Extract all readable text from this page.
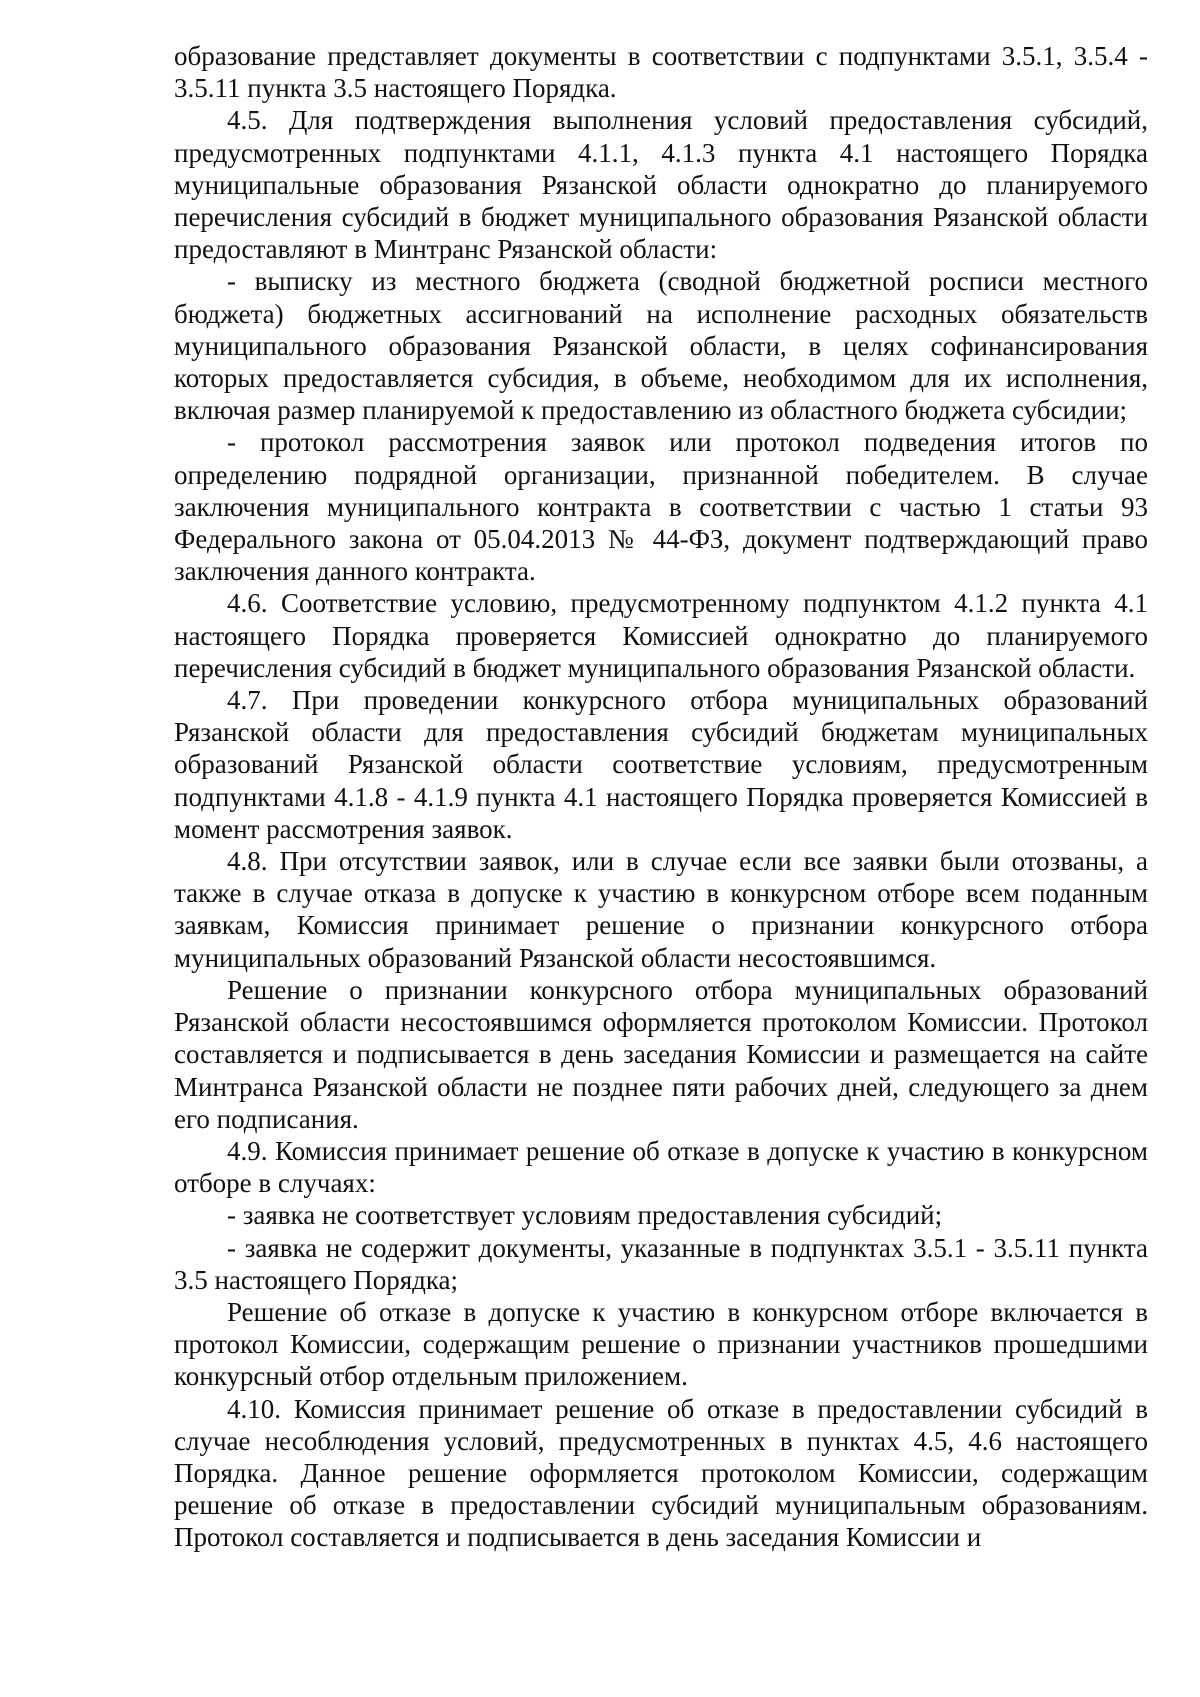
образование представляет документы в соответствии с подпунктами 3.5.1, 3.5.4 - 3.5.11 пункта 3.5 настоящего Порядка.

4.5. Для подтверждения выполнения условий предоставления субсидий, предусмотренных подпунктами 4.1.1, 4.1.3 пункта 4.1 настоящего Порядка муниципальные образования Рязанской области однократно до планируемого перечисления субсидий в бюджет муниципального образования Рязанской области предоставляют в Минтранс Рязанской области:

- выписку из местного бюджета (сводной бюджетной росписи местного бюджета) бюджетных ассигнований на исполнение расходных обязательств муниципального образования Рязанской области, в целях софинансирования которых предоставляется субсидия, в объеме, необходимом для их исполнения, включая размер планируемой к предоставлению из областного бюджета субсидии;

- протокол рассмотрения заявок или протокол подведения итогов по определению подрядной организации, признанной победителем. В случае заключения муниципального контракта в соответствии с частью 1 статьи 93 Федерального закона от 05.04.2013 № 44-ФЗ, документ подтверждающий право заключения данного контракта.

4.6. Соответствие условию, предусмотренному подпунктом 4.1.2 пункта 4.1 настоящего Порядка проверяется Комиссией однократно до планируемого перечисления субсидий в бюджет муниципального образования Рязанской области.

4.7. При проведении конкурсного отбора муниципальных образований Рязанской области для предоставления субсидий бюджетам муниципальных образований Рязанской области соответствие условиям, предусмотренным подпунктами 4.1.8 - 4.1.9 пункта 4.1 настоящего Порядка проверяется Комиссией в момент рассмотрения заявок.

4.8. При отсутствии заявок, или в случае если все заявки были отозваны, а также в случае отказа в допуске к участию в конкурсном отборе всем поданным заявкам, Комиссия принимает решение о признании конкурсного отбора муниципальных образований Рязанской области несостоявшимся.

Решение о признании конкурсного отбора муниципальных образований Рязанской области несостоявшимся оформляется протоколом Комиссии. Протокол составляется и подписывается в день заседания Комиссии и размещается на сайте Минтранса Рязанской области не позднее пяти рабочих дней, следующего за днем его подписания.

4.9. Комиссия принимает решение об отказе в допуске к участию в конкурсном отборе в случаях:

- заявка не соответствует условиям предоставления субсидий;

- заявка не содержит документы, указанные в подпунктах 3.5.1 - 3.5.11 пункта 3.5 настоящего Порядка;

Решение об отказе в допуске к участию в конкурсном отборе включается в протокол Комиссии, содержащим решение о признании участников прошедшими конкурсный отбор отдельным приложением.

4.10. Комиссия принимает решение об отказе в предоставлении субсидий в случае несоблюдения условий, предусмотренных в пунктах 4.5, 4.6 настоящего Порядка. Данное решение оформляется протоколом Комиссии, содержащим решение об отказе в предоставлении субсидий муниципальным образованиям. Протокол составляется и подписывается в день заседания Комиссии и
